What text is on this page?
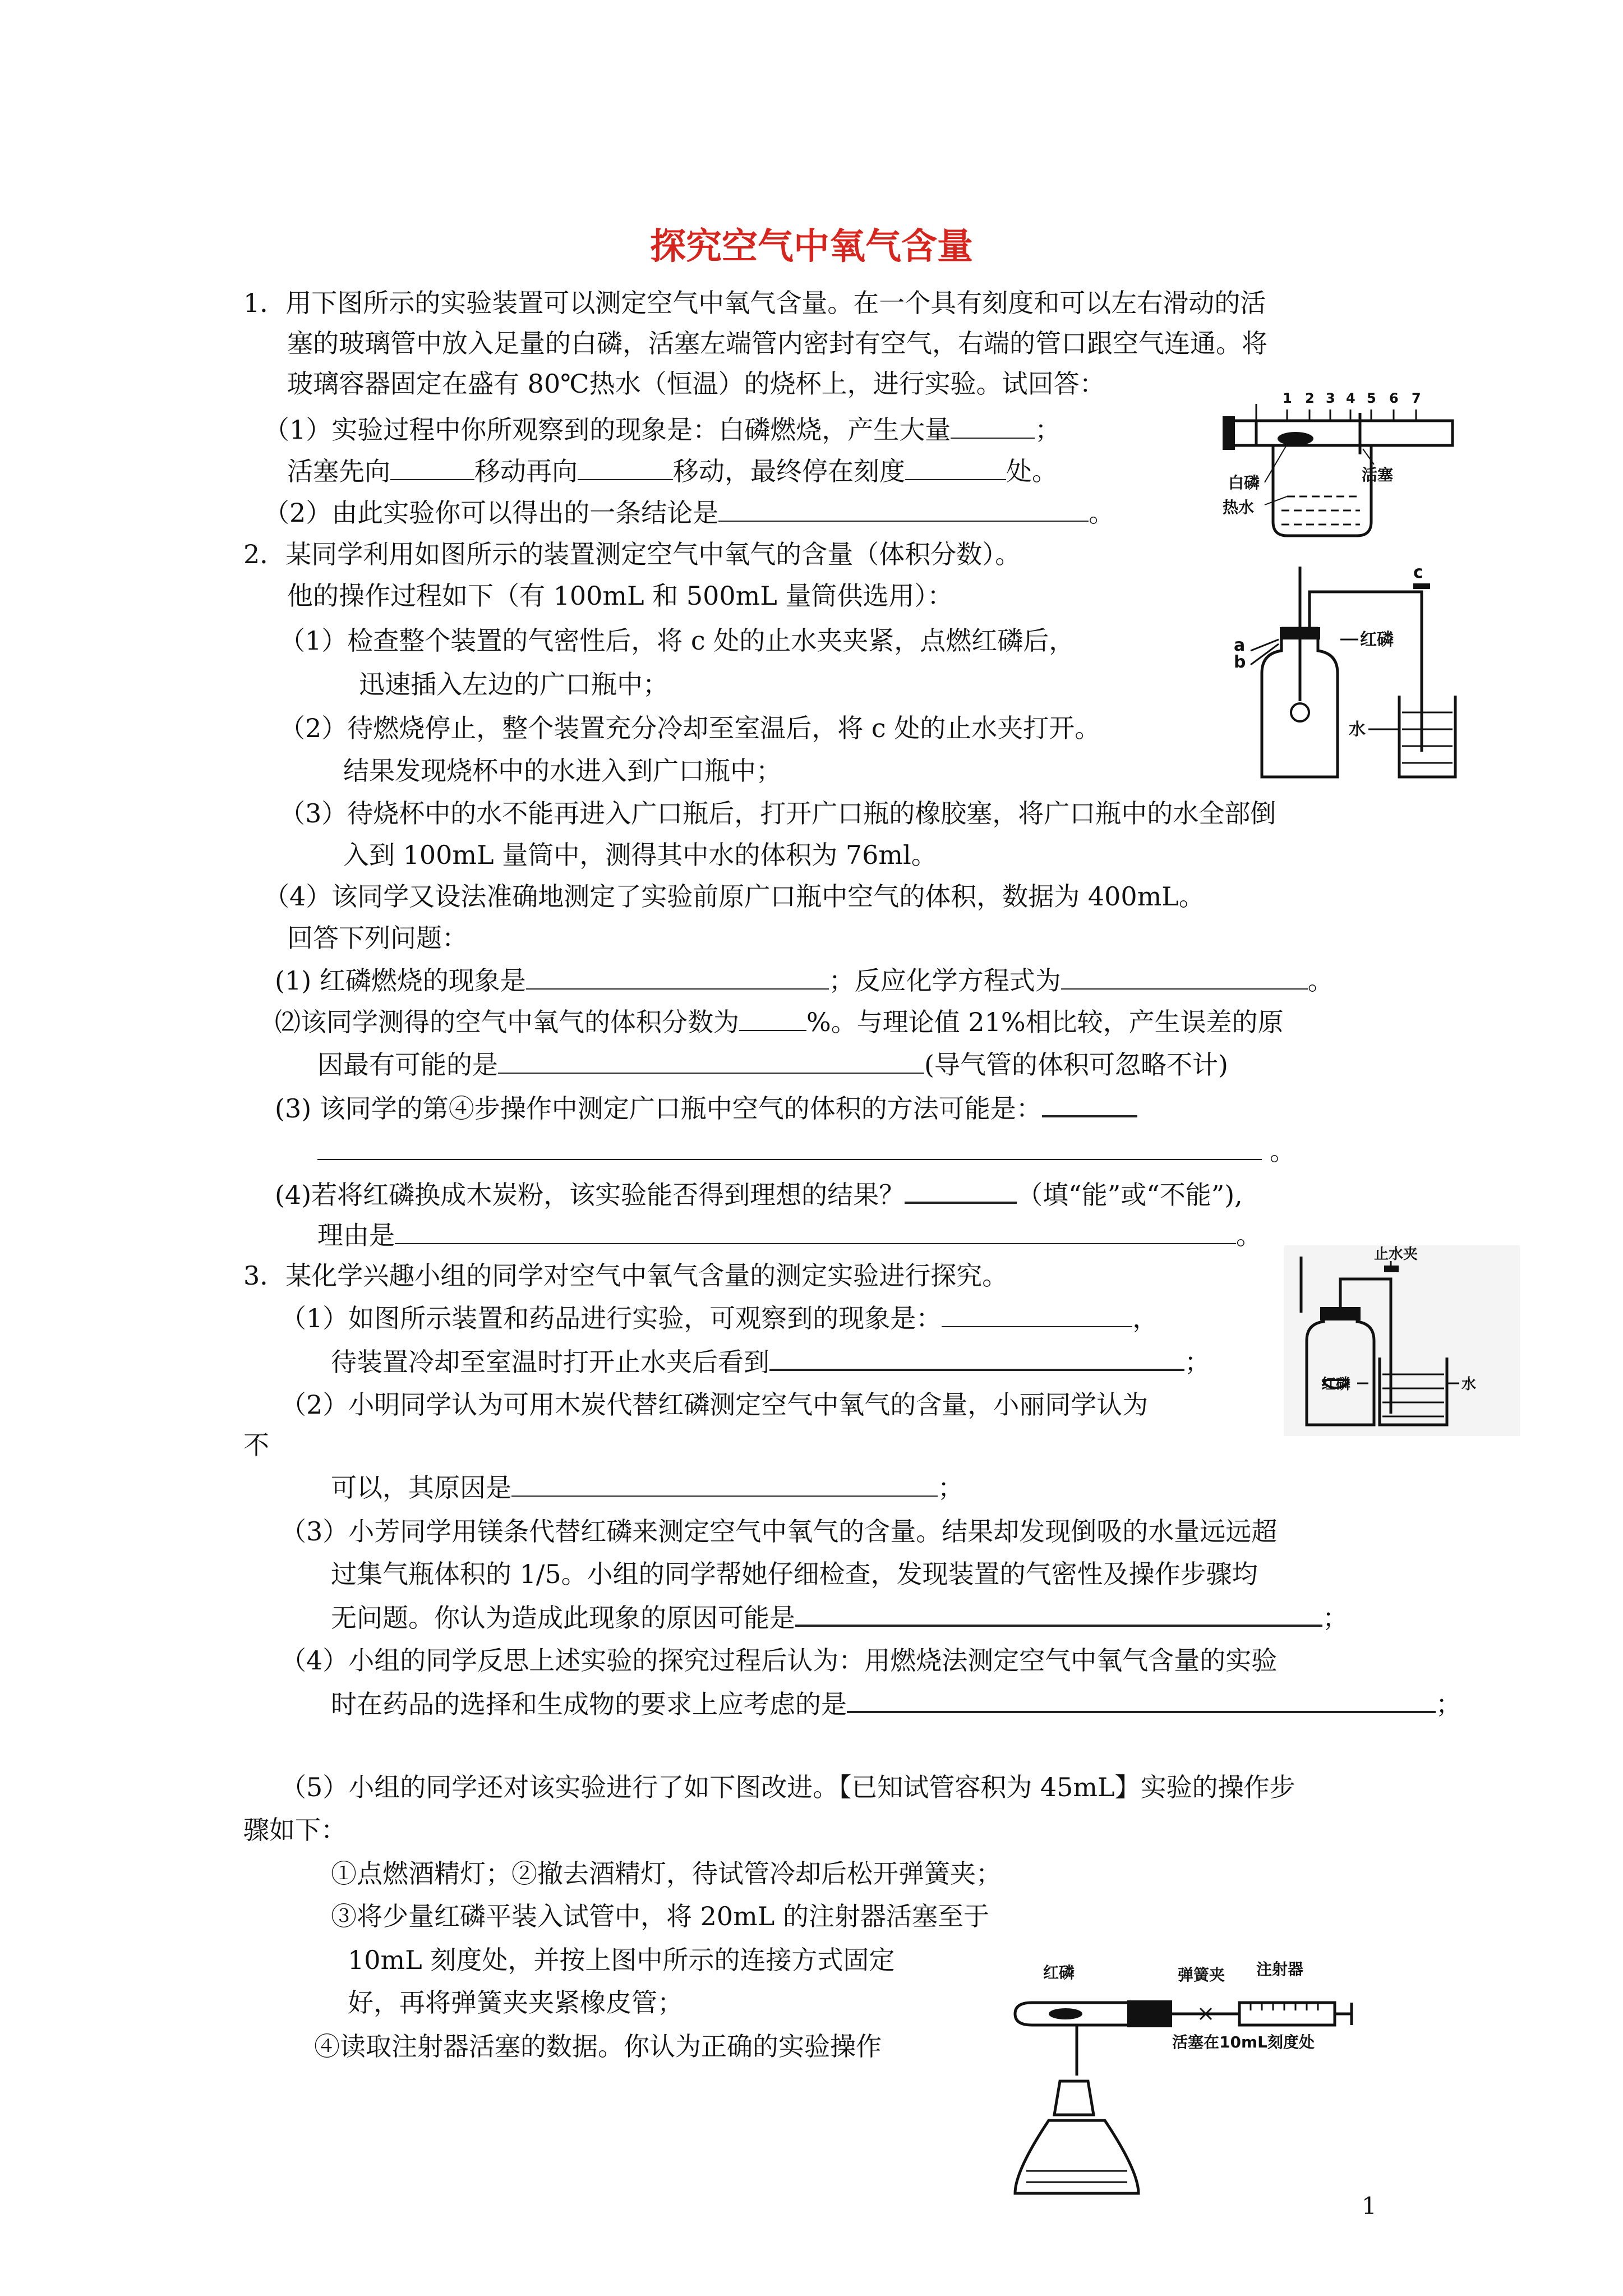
探究空气中氧气含量
1．用下图所示的实验装置可以测定空气中氧气含量。在一个具有刻度和可以左右滑动的活
塞的玻璃管中放入足量的白磷，活塞左端管内密封有空气，右端的管口跟空气连通。将
玻璃容器固定在盛有 80℃热水（恒温）的烧杯上，进行实验。试回答：
（1）实验过程中你所观察到的现象是：白磷燃烧，产生大量	；
活塞先向	移动再向	移动，最终停在刻度	处。
（2）由此实验你可以得出的一条结论是	。
1 2 3 4 5 6 7
白磷
热水
活塞
2．某同学利用如图所示的装置测定空气中氧气的含量（体积分数）。
他的操作过程如下（有 100mL 和 500mL 量筒供选用）：
（1）检查整个装置的气密性后，将 c 处的止水夹夹紧，点燃红磷后，
迅速插入左边的广口瓶中；
（2）待燃烧停止，整个装置充分冷却至室温后，将 c 处的止水夹打开。
结果发现烧杯中的水进入到广口瓶中；
（3）待烧杯中的水不能再进入广口瓶后，打开广口瓶的橡胶塞，将广口瓶中的水全部倒
入到 100mL 量筒中，测得其中水的体积为 76ml。
（4）该同学又设法准确地测定了实验前原广口瓶中空气的体积，数据为 400mL。
回答下列问题：
(1) 红磷燃烧的现象是	；反应化学方程式为	。
⑵该同学测得的空气中氧气的体积分数为	%。与理论值 21%相比较，产生误差的原
因最有可能的是	(导气管的体积可忽略不计)
(3) 该同学的第④步操作中测定广口瓶中空气的体积的方法可能是：
。
(4)若将红磷换成木炭粉，该实验能否得到理想的结果？	（填“能”或“不能”),
理由是	。
a
b
c
红磷
水
3．某化学兴趣小组的同学对空气中氧气含量的测定实验进行探究。
（1）如图所示装置和药品进行实验，可观察到的现象是：	，
待装置冷却至室温时打开止水夹后看到	；
（2）小明同学认为可用木炭代替红磷测定空气中氧气的含量，小丽同学认为
不
可以，其原因是	；
（3）小芳同学用镁条代替红磷来测定空气中氧气的含量。结果却发现倒吸的水量远远超
过集气瓶体积的 1/5。小组的同学帮她仔细检查，发现装置的气密性及操作步骤均
无问题。你认为造成此现象的原因可能是	；
（4）小组的同学反思上述实验的探究过程后认为：用燃烧法测定空气中氧气含量的实验
时在药品的选择和生成物的要求上应考虑的是	；
（5）小组的同学还对该实验进行了如下图改进。【已知试管容积为 45mL】实验的操作步
骤如下：
①点燃酒精灯；②撤去酒精灯，待试管冷却后松开弹簧夹；
③将少量红磷平装入试管中，将 20mL 的注射器活塞至于
10mL 刻度处，并按上图中所示的连接方式固定
好，再将弹簧夹夹紧橡皮管；
④读取注射器活塞的数据。你认为正确的实验操作
止水夹
红磷	水
红磷	弹簧夹 注射器
活塞在10mL刻度处
1
